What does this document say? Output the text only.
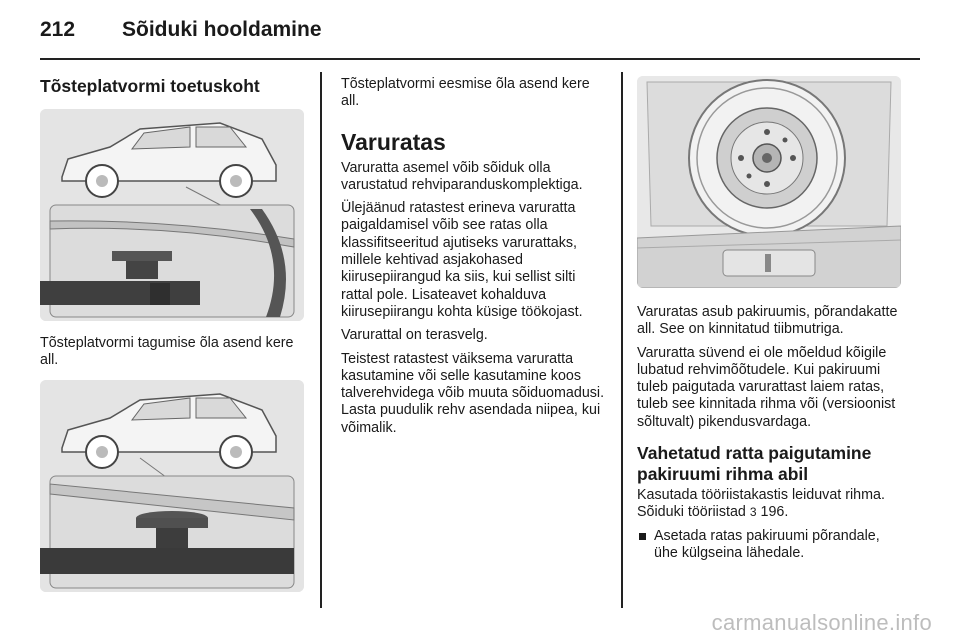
212	Sõiduki hooldamine
Tõsteplatvormi toetuskoht
Tõsteplatvormi tagumise õla asend kere all.
Tõsteplatvormi eesmise õla asend kere all.
Varuratas
Varuratta asemel võib sõiduk olla varustatud rehviparanduskomplektiga.
Ülejäänud ratastest erineva varuratta paigaldamisel võib see ratas olla klassifitseeritud ajutiseks varurattaks, millele kehtivad asjakohased kiirusepiirangud ka siis, kui sellist silti rattal pole. Lisateavet kohalduva kiirusepiirangu kohta küsige töökojast.
Varurattal on terasvelg.
Teistest ratastest väiksema varuratta kasutamine või selle kasutamine koos talverehvidega võib muuta sõiduomadusi. Lasta puudulik rehv asendada niipea, kui võimalik.
Varuratas asub pakiruumis, põrandakatte all. See on kinnitatud tiibmutriga.
Varuratta süvend ei ole mõeldud kõigile lubatud rehvimõõtudele. Kui pakiruumi tuleb paigutada varurattast laiem ratas, tuleb see kinnitada rihma või (versioonist sõltuvalt) pikendusvardaga.
Vahetatud ratta paigutamine pakiruumi rihma abil
Kasutada tööriistakastis leiduvat rihma. Sõiduki tööriistad 3 196.
Asetada ratas pakiruumi põrandale, ühe külgseina lähedale.
carmanualsonline.info
